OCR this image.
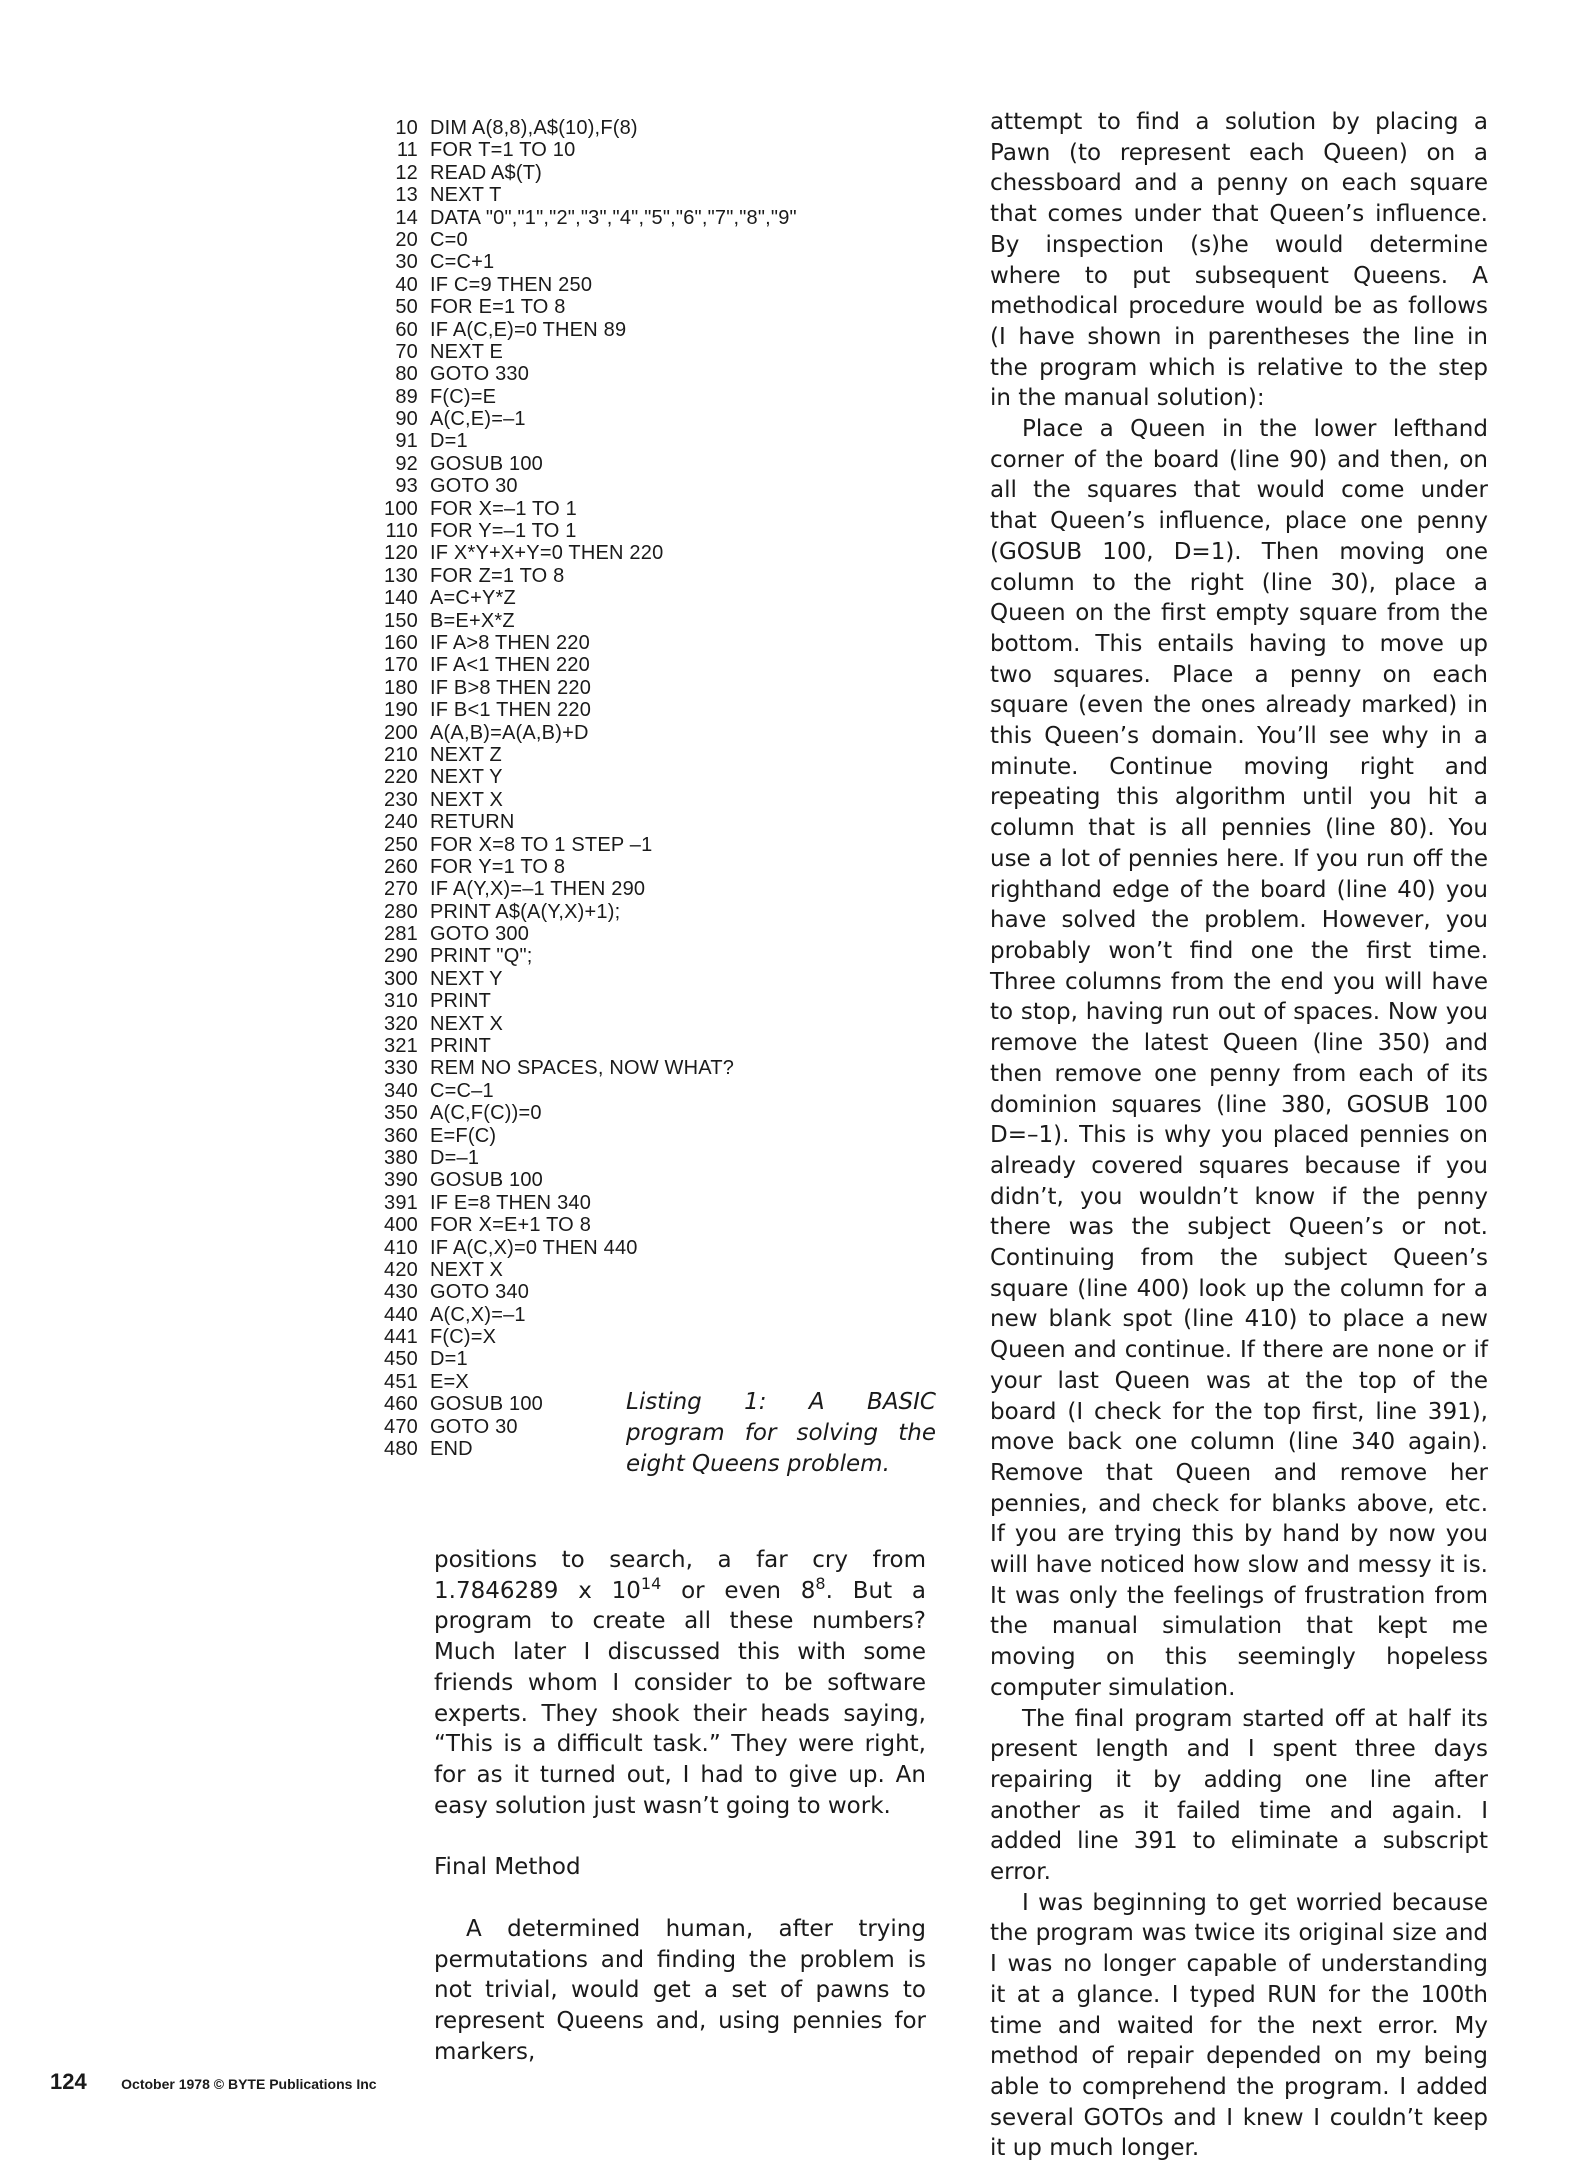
10 DIM A(8,8),A$(10),F(8)
11 FOR T=1 TO 10
12 READ A$(T)
13 NEXT T
14 DATA "0","1","2","3","4","5","6","7","8","9"
20 C=0
30 C=C+1
40 IF C=9 THEN 250
50 FOR E=1 TO 8
60 IF A(C,E)=0 THEN 89
70 NEXT E
80 GOTO 330
89 F(C)=E
90 A(C,E)=–1
91 D=1
92 GOSUB 100
93 GOTO 30
100 FOR X=–1 TO 1
110 FOR Y=–1 TO 1
120 IF X*Y+X+Y=0 THEN 220
130 FOR Z=1 TO 8
140 A=C+Y*Z
150 B=E+X*Z
160 IF A>8 THEN 220
170 IF A<1 THEN 220
180 IF B>8 THEN 220
190 IF B<1 THEN 220
200 A(A,B)=A(A,B)+D
210 NEXT Z
220 NEXT Y
230 NEXT X
240 RETURN
250 FOR X=8 TO 1 STEP –1
260 FOR Y=1 TO 8
270 IF A(Y,X)=–1 THEN 290
280 PRINT A$(A(Y,X)+1);
281 GOTO 300
290 PRINT "Q";
300 NEXT Y
310 PRINT
320 NEXT X
321 PRINT
330 REM NO SPACES, NOW WHAT?
340 C=C–1
350 A(C,F(C))=0
360 E=F(C)
380 D=–1
390 GOSUB 100
391 IF E=8 THEN 340
400 FOR X=E+1 TO 8
410 IF A(C,X)=0 THEN 440
420 NEXT X
430 GOTO 340
440 A(C,X)=–1
441 F(C)=X
450 D=1
451 E=X
460 GOSUB 100
470 GOTO 30
480 END
Listing 1: A BASIC program for solving the eight Queens problem.

positions to search, a far cry from 1.7846289 x $10^{14}$ or even $8^8$. But a program to create all these numbers? Much later I discussed this with some friends whom I consider to be software experts. They shook their heads saying, “This is a difficult task.” They were right, for as it turned out, I had to give up. An easy solution just wasn’t going to work.

Final Method

A determined human, after trying permutations and finding the problem is not trivial, would get a set of pawns to represent Queens and, using pennies for markers,

attempt to find a solution by placing a Pawn (to represent each Queen) on a chessboard and a penny on each square that comes under that Queen’s influence. By inspection (s)he would determine where to put subsequent Queens. A methodical procedure would be as follows (I have shown in parentheses the line in the program which is relative to the step in the manual solution):

Place a Queen in the lower lefthand corner of the board (line 90) and then, on all the squares that would come under that Queen’s influence, place one penny (GOSUB 100, D=1). Then moving one column to the right (line 30), place a Queen on the first empty square from the bottom. This entails having to move up two squares. Place a penny on each square (even the ones already marked) in this Queen’s domain. You’ll see why in a minute. Continue moving right and repeating this algorithm until you hit a column that is all pennies (line 80). You use a lot of pennies here. If you run off the righthand edge of the board (line 40) you have solved the problem. However, you probably won’t find one the first time. Three columns from the end you will have to stop, having run out of spaces. Now you remove the latest Queen (line 350) and then remove one penny from each of its dominion squares (line 380, GOSUB 100 D=–1). This is why you placed pennies on already covered squares because if you didn’t, you wouldn’t know if the penny there was the subject Queen’s or not. Continuing from the subject Queen’s square (line 400) look up the column for a new blank spot (line 410) to place a new Queen and continue. If there are none or if your last Queen was at the top of the board (I check for the top first, line 391), move back one column (line 340 again). Remove that Queen and remove her pennies, and check for blanks above, etc. If you are trying this by hand by now you will have noticed how slow and messy it is. It was only the feelings of frustration from the manual simulation that kept me moving on this seemingly hopeless computer simulation.

The final program started off at half its present length and I spent three days repairing it by adding one line after another as it failed time and again. I added line 391 to eliminate a subscript error.

I was beginning to get worried because the program was twice its original size and I was no longer capable of understanding it at a glance. I typed RUN for the 100th time and waited for the next error. My method of repair depended on my being able to comprehend the program. I added several GOTOs and I knew I couldn’t keep it up much longer.

124 October 1978 © BYTE Publications Inc
